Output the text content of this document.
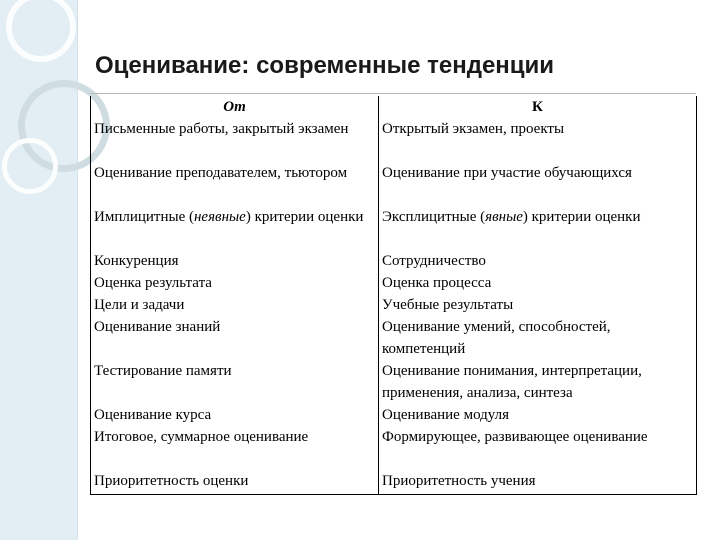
Оценивание: современные тенденции
От	К
Письменные работы, закрытый экзамен	Открытый экзамен, проекты
Оценивание преподавателем, тьютором	Оценивание при участие обучающихся
Имплицитные (неявные) критерии оценки	Эксплицитные (явные) критерии оценки
Конкуренция	Сотрудничество
Оценка результата	Оценка процесса
Цели и задачи	Учебные результаты
Оценивание знаний	Оценивание умений, способностей, компетенций
Тестирование памяти	Оценивание понимания, интерпретации, применения, анализа, синтеза
Оценивание курса	Оценивание модуля
Итоговое, суммарное оценивание	Формирующее, развивающее оценивание
Приоритетность оценки	Приоритетность учения
